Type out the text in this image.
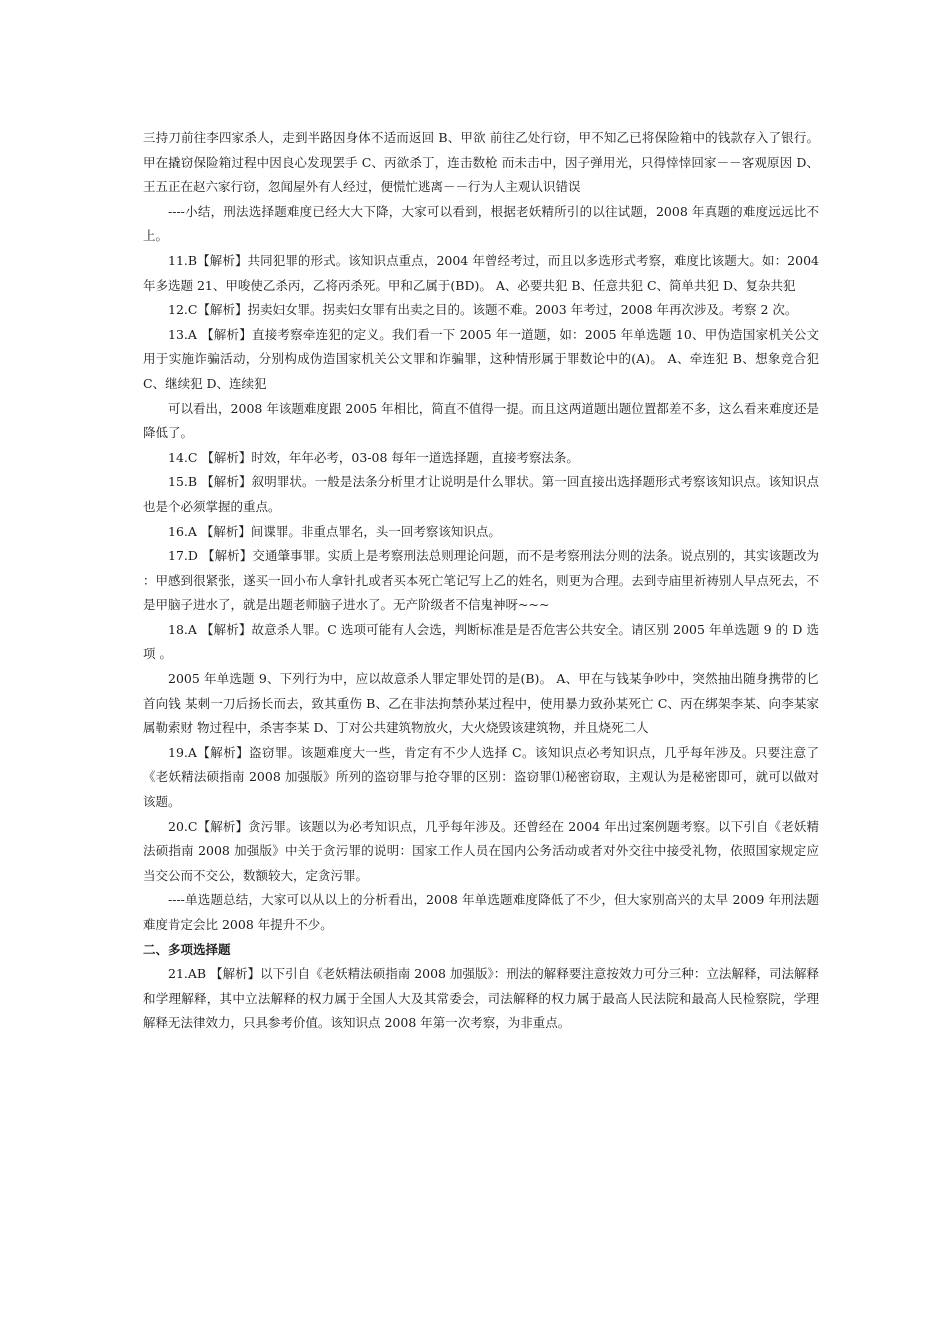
三持刀前往李四家杀人，走到半路因身体不适而返回 B、甲欲 前往乙处行窃，甲不知乙已将保险箱中的钱款存入了银行。甲在撬窃保险箱过程中因良心发现罢手 C、丙欲杀丁，连击数枪 而未击中，因子弹用光，只得悻悻回家－－客观原因 D、王五正在赵六家行窃，忽闻屋外有人经过，便慌忙逃离－－行为人主观认识错误

----小结，刑法选择题难度已经大大下降，大家可以看到，根据老妖精所引的以往试题，2008 年真题的难度远远比不上。

11.B【解析】共同犯罪的形式。该知识点重点，2004 年曾经考过，而且以多选形式考察，难度比该题大。如：2004年多选题 21、甲唆使乙杀丙，乙将丙杀死。甲和乙属于(BD)。 A、必要共犯 B、任意共犯 C、简单共犯 D、复杂共犯

12.C【解析】拐卖妇女罪。拐卖妇女罪有出卖之目的。该题不难。2003 年考过，2008 年再次涉及。考察 2 次。

13.A 【解析】直接考察牵连犯的定义。我们看一下 2005 年一道题，如：2005 年单选题 10、甲伪造国家机关公文用于实施诈骗活动，分别构成伪造国家机关公文罪和诈骗罪，这种情形属于罪数论中的(A)。 A、牵连犯 B、想象竞合犯 C、继续犯 D、连续犯

可以看出，2008 年该题难度跟 2005 年相比，简直不值得一提。而且这两道题出题位置都差不多，这么看来难度还是降低了。

14.C 【解析】时效，年年必考，03-08 每年一道选择题，直接考察法条。

15.B 【解析】叙明罪状。一般是法条分析里才让说明是什么罪状。第一回直接出选择题形式考察该知识点。该知识点也是个必须掌握的重点。

16.A 【解析】间谍罪。非重点罪名，头一回考察该知识点。

17.D 【解析】交通肇事罪。实质上是考察刑法总则理论问题，而不是考察刑法分则的法条。说点别的，其实该题改为 ：甲感到很紧张，遂买一回小布人拿针扎或者买本死亡笔记写上乙的姓名，则更为合理。去到寺庙里祈祷别人早点死去，不是甲脑子进水了，就是出题老师脑子进水了。无产阶级者不信鬼神呀~~~

18.A 【解析】故意杀人罪。C 选项可能有人会选，判断标准是是否危害公共安全。请区别 2005 年单选题 9 的 D 选项 。

2005 年单选题 9、下列行为中，应以故意杀人罪定罪处罚的是(B)。 A、甲在与钱某争吵中，突然抽出随身携带的匕首向钱 某刺一刀后扬长而去，致其重伤 B、乙在非法拘禁孙某过程中，使用暴力致孙某死亡 C、丙在绑架李某、向李某家属勒索财 物过程中，杀害李某 D、丁对公共建筑物放火，大火烧毁该建筑物，并且烧死二人

19.A【解析】盗窃罪。该题难度大一些，肯定有不少人选择 C。该知识点必考知识点，几乎每年涉及。只要注意了《老妖精法硕指南 2008 加强版》所列的盗窃罪与抢夺罪的区别：盗窃罪⑴秘密窃取，主观认为是秘密即可，就可以做对该题。

20.C【解析】贪污罪。该题以为必考知识点，几乎每年涉及。还曾经在 2004 年出过案例题考察。以下引自《老妖精法硕指南 2008 加强版》中关于贪污罪的说明：国家工作人员在国内公务活动或者对外交往中接受礼物，依照国家规定应当交公而不交公，数额较大，定贪污罪。

----单选题总结，大家可以从以上的分析看出，2008 年单选题难度降低了不少，但大家别高兴的太早 2009 年刑法题难度肯定会比 2008 年提升不少。

二、多项选择题

21.AB 【解析】以下引自《老妖精法硕指南 2008 加强版》：刑法的解释要注意按效力可分三种：立法解释，司法解释和学理解释，其中立法解释的权力属于全国人大及其常委会，司法解释的权力属于最高人民法院和最高人民检察院，学理 解释无法律效力，只具参考价值。该知识点 2008 年第一次考察，为非重点。
